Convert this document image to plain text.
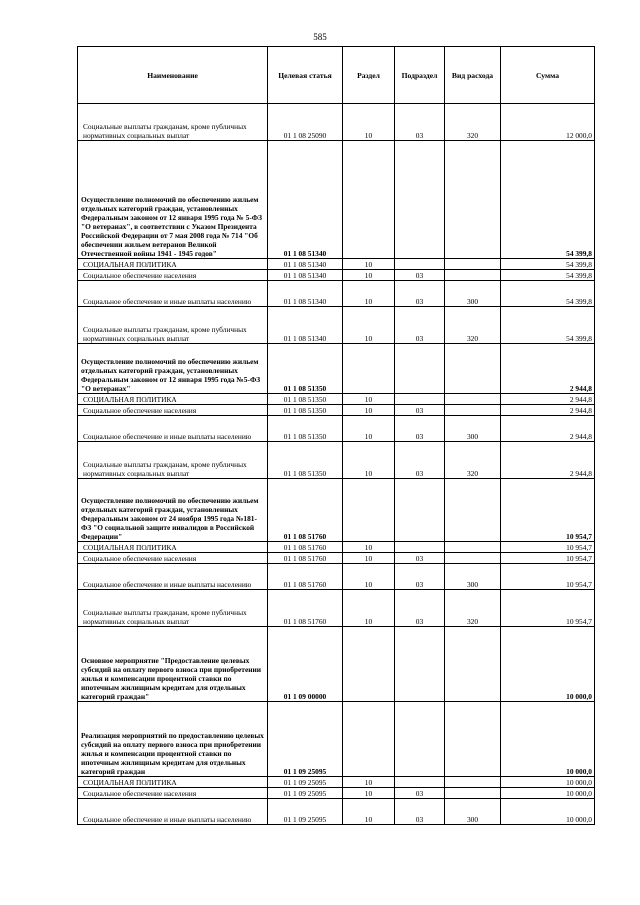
585
Наименование	Целевая статья	Раздел	Подраздел	Вид расхода	Сумма
Социальные выплаты гражданам, кроме публичных нормативных социальных выплат	01 1 08 25090	10	03	320	12 000,0
Осуществление полномочий по обеспечению жильем отдельных категорий граждан, установленных Федеральным законом от 12 января 1995 года № 5-ФЗ "О ветеранах", в соответствии с Указом Президента Российской Федерации от 7 мая 2008 года № 714 "Об обеспечении жильем ветеранов Великой Отечественной войны 1941 - 1945 годов"	01 1 08 51340				54 399,8
СОЦИАЛЬНАЯ ПОЛИТИКА	01 1 08 51340	10			54 399,8
Социальное обеспечение населения	01 1 08 51340	10	03		54 399,8
Социальное обеспечение и иные выплаты населению	01 1 08 51340	10	03	300	54 399,8
Социальные выплаты гражданам, кроме публичных нормативных социальных выплат	01 1 08 51340	10	03	320	54 399,8
Осуществление полномочий по обеспечению жильем отдельных категорий граждан, установленных Федеральным законом от 12 января 1995 года №5-ФЗ "О ветеранах"	01 1 08 51350				2 944,8
СОЦИАЛЬНАЯ ПОЛИТИКА	01 1 08 51350	10			2 944,8
Социальное обеспечение населения	01 1 08 51350	10	03		2 944,8
Социальное обеспечение и иные выплаты населению	01 1 08 51350	10	03	300	2 944,8
Социальные выплаты гражданам, кроме публичных нормативных социальных выплат	01 1 08 51350	10	03	320	2 944,8
Осуществление полномочий по обеспечению жильем отдельных категорий граждан, установленных Федеральным законом от 24 ноября 1995 года №181-ФЗ "О социальной защите инвалидов в Российской Федерации"	01 1 08 51760				10 954,7
СОЦИАЛЬНАЯ ПОЛИТИКА	01 1 08 51760	10			10 954,7
Социальное обеспечение населения	01 1 08 51760	10	03		10 954,7
Социальное обеспечение и иные выплаты населению	01 1 08 51760	10	03	300	10 954,7
Социальные выплаты гражданам, кроме публичных нормативных социальных выплат	01 1 08 51760	10	03	320	10 954,7
Основное мероприятие "Предоставление целевых субсидий на оплату первого взноса при приобретении жилья и компенсации процентной ставки по ипотечным жилищным кредитам для отдельных категорий граждан"	01 1 09 00000				10 000,0
Реализация мероприятий по предоставлению целевых субсидий на оплату первого взноса при приобретении жилья и компенсации процентной ставки по ипотечным жилищным кредитам для отдельных категорий граждан	01 1 09 25095				10 000,0
СОЦИАЛЬНАЯ ПОЛИТИКА	01 1 09 25095	10			10 000,0
Социальное обеспечение населения	01 1 09 25095	10	03		10 000,0
Социальное обеспечение и иные выплаты населению	01 1 09 25095	10	03	300	10 000,0
